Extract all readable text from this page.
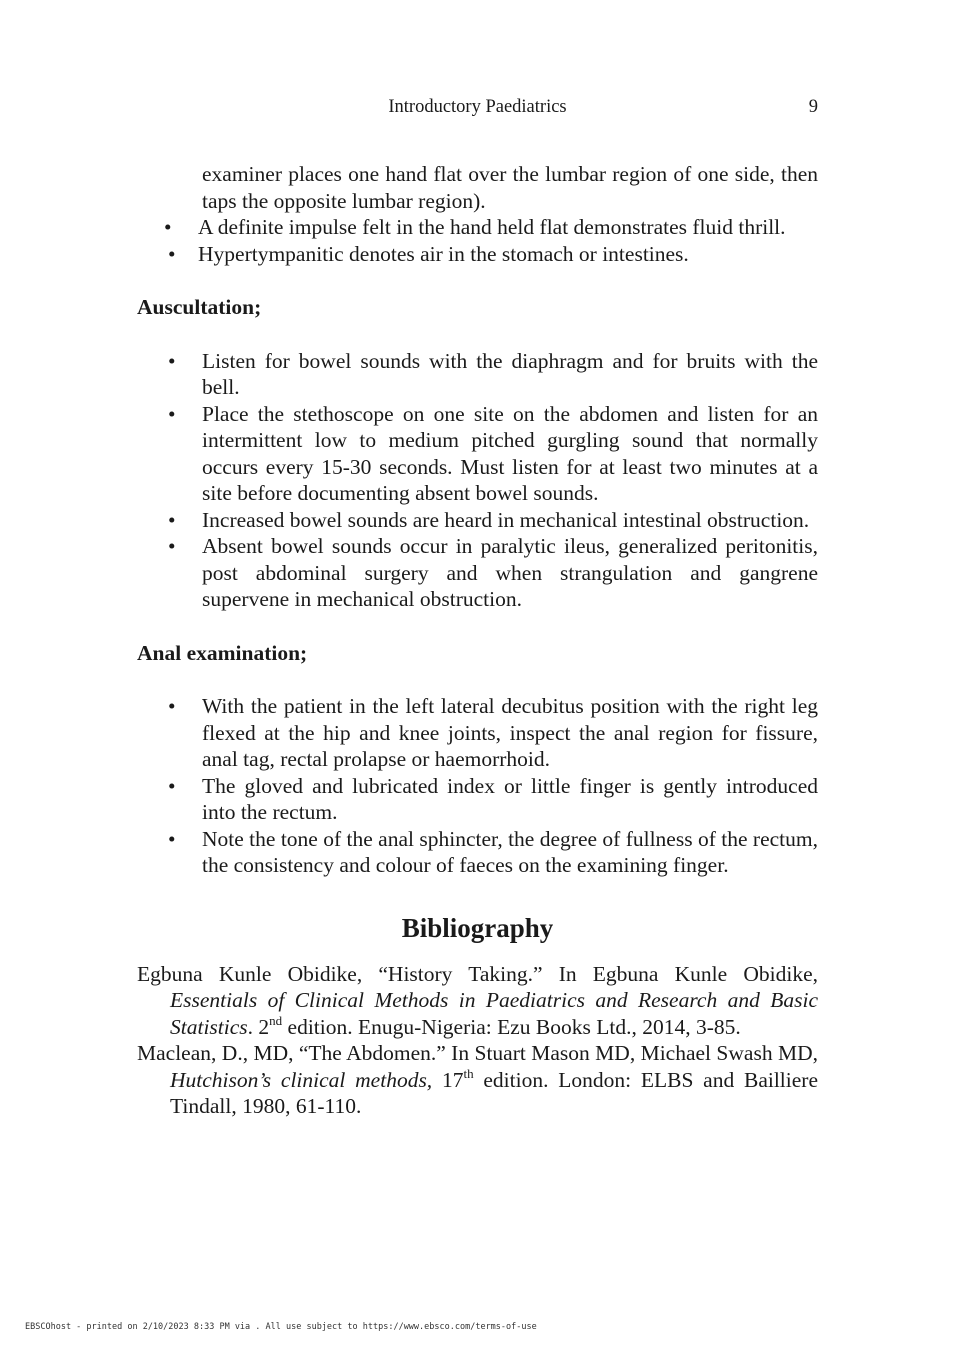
Introductory Paediatrics	9

examiner places one hand flat over the lumbar region of one side, then taps the opposite lumbar region).

• A definite impulse felt in the hand held flat demonstrates fluid thrill.
• Hypertympanitic denotes air in the stomach or intestines.

Auscultation;

• Listen for bowel sounds with the diaphragm and for bruits with the bell.
• Place the stethoscope on one site on the abdomen and listen for an intermittent low to medium pitched gurgling sound that normally occurs every 15-30 seconds. Must listen for at least two minutes at a site before documenting absent bowel sounds.
• Increased bowel sounds are heard in mechanical intestinal obstruction.
• Absent bowel sounds occur in paralytic ileus, generalized peritonitis, post abdominal surgery and when strangulation and gangrene supervene in mechanical obstruction.

Anal examination;

• With the patient in the left lateral decubitus position with the right leg flexed at the hip and knee joints, inspect the anal region for fissure, anal tag, rectal prolapse or haemorrhoid.
• The gloved and lubricated index or little finger is gently introduced into the rectum.
• Note the tone of the anal sphincter, the degree of fullness of the rectum, the consistency and colour of faeces on the examining finger.
Bibliography

Egbuna Kunle Obidike, “History Taking.” In Egbuna Kunle Obidike, Essentials of Clinical Methods in Paediatrics and Research and Basic Statistics. 2nd edition. Enugu-Nigeria: Ezu Books Ltd., 2014, 3-85.

Maclean, D., MD, “The Abdomen.” In Stuart Mason MD, Michael Swash MD, Hutchison’s clinical methods, 17th edition. London: ELBS and Bailliere Tindall, 1980, 61-110.

EBSCOhost - printed on 2/10/2023 8:33 PM via . All use subject to https://www.ebsco.com/terms-of-use
